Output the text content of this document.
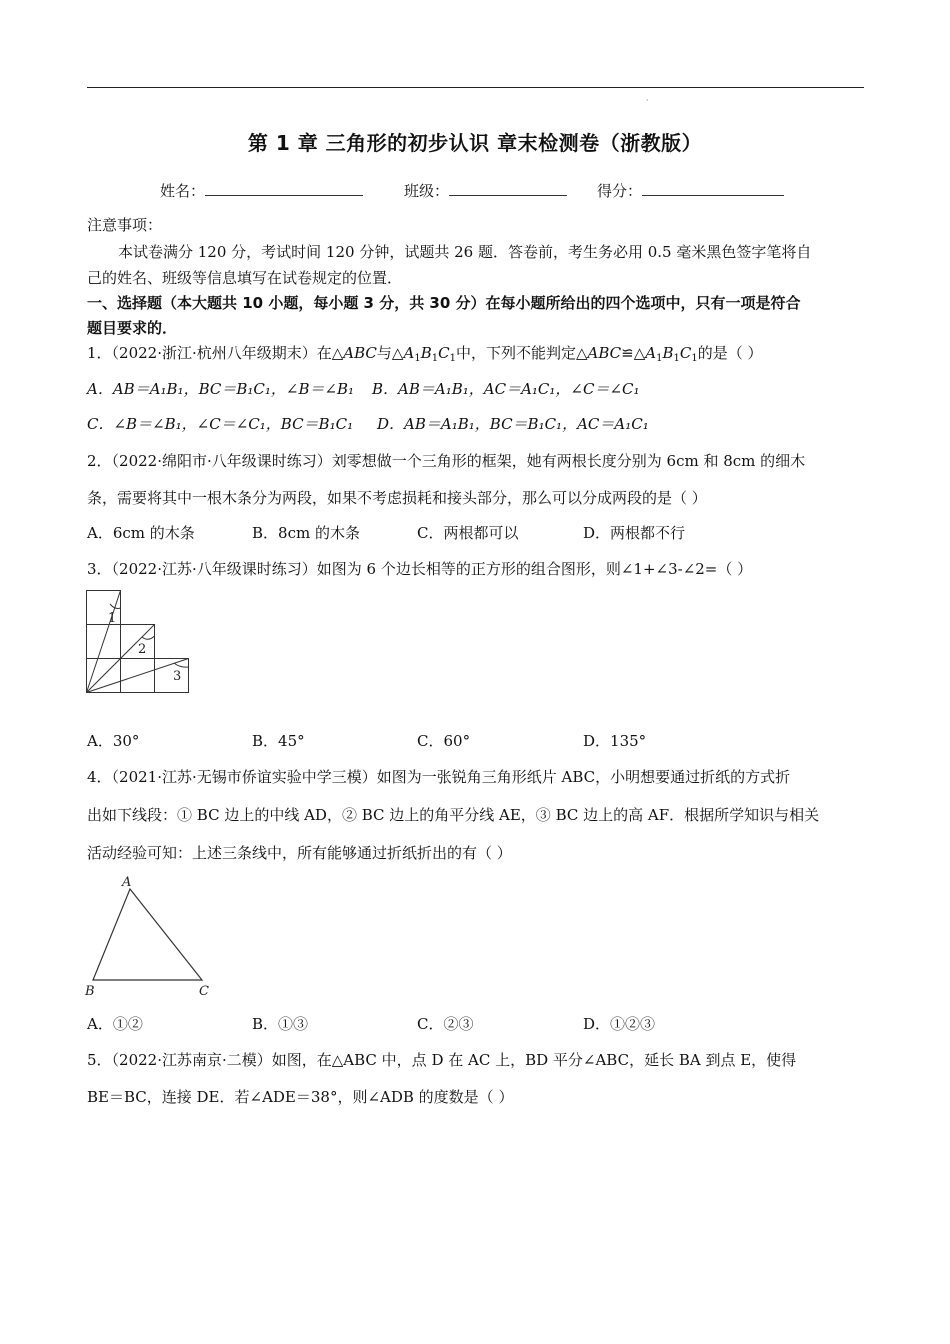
·
第 1 章 三角形的初步认识 章末检测卷（浙教版）
姓名：	班级：	得分：
注意事项：
本试卷满分 120 分，考试时间 120 分钟，试题共 26 题．答卷前，考生务必用 0.5 毫米黑色签字笔将自
己的姓名、班级等信息填写在试卷规定的位置．
一、选择题（本大题共 10 小题，每小题 3 分，共 30 分）在每小题所给出的四个选项中，只有一项是符合
题目要求的．
1．（2022·浙江·杭州八年级期末）在△ABC与$\triangle A_1B_1C_1$中，下列不能判定$\triangle ABC≌\triangle A_1B_1C_1$的是（ ）
A．AB＝A₁B₁，BC＝B₁C₁，∠B＝∠B₁ B．AB＝A₁B₁，AC＝A₁C₁，∠C＝∠C₁
C．∠B＝∠B₁，∠C＝∠C₁，BC＝B₁C₁ D．AB＝A₁B₁，BC＝B₁C₁，AC＝A₁C₁
2．（2022·绵阳市·八年级课时练习）刘零想做一个三角形的框架，她有两根长度分别为 6cm 和 8cm 的细木
条，需要将其中一根木条分为两段，如果不考虑损耗和接头部分，那么可以分成两段的是（ ）
A．6cm 的木条	B．8cm 的木条	C．两根都可以	D．两根都不行
3．（2022·江苏·八年级课时练习）如图为 6 个边长相等的正方形的组合图形，则∠1+∠3-∠2=（ ）
1
2
3
A．30°	B．45°	C．60°	D．135°
4．（2021·江苏·无锡市侨谊实验中学三模）如图为一张锐角三角形纸片 ABC，小明想要通过折纸的方式折
出如下线段：① BC 边上的中线 AD，② BC 边上的角平分线 AE，③ BC 边上的高 AF．根据所学知识与相关
活动经验可知：上述三条线中，所有能够通过折纸折出的有（ ）
A
B	C
A．①②	B．①③	C．②③	D．①②③
5．（2022·江苏南京·二模）如图，在△ABC 中，点 D 在 AC 上，BD 平分∠ABC，延长 BA 到点 E，使得
BE＝BC，连接 DE．若∠ADE＝38°，则∠ADB 的度数是（ ）
